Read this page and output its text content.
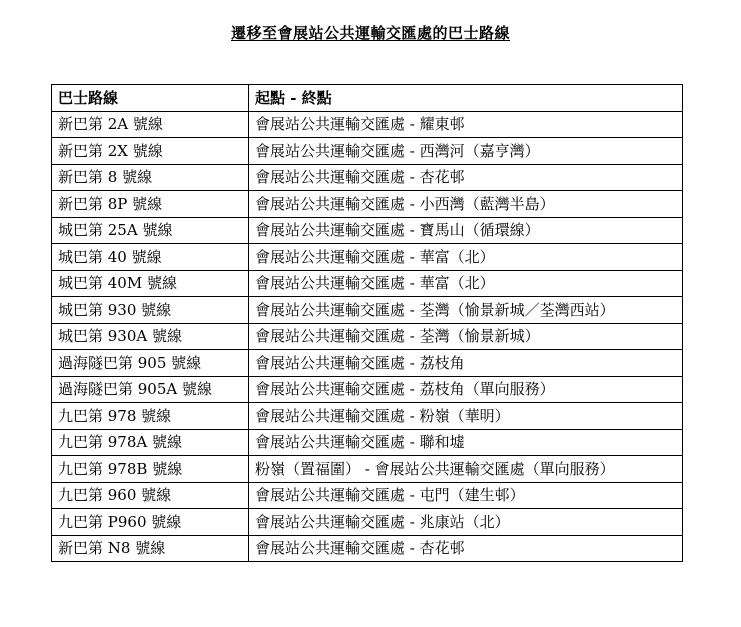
遷移至會展站公共運輸交匯處的巴士路線
巴士路線	起點 - 終點
新巴第 2A 號線	會展站公共運輸交匯處 - 耀東邨
新巴第 2X 號線	會展站公共運輸交匯處 - 西灣河（嘉亨灣）
新巴第 8 號線	會展站公共運輸交匯處 - 杏花邨
新巴第 8P 號線	會展站公共運輸交匯處 - 小西灣（藍灣半島）
城巴第 25A 號線	會展站公共運輸交匯處 - 寶馬山（循環線）
城巴第 40 號線	會展站公共運輸交匯處 - 華富（北）
城巴第 40M 號線	會展站公共運輸交匯處 - 華富（北）
城巴第 930 號線	會展站公共運輸交匯處 - 荃灣（愉景新城／荃灣西站）
城巴第 930A 號線	會展站公共運輸交匯處 - 荃灣（愉景新城）
過海隧巴第 905 號線	會展站公共運輸交匯處 - 荔枝角
過海隧巴第 905A 號線	會展站公共運輸交匯處 - 荔枝角（單向服務）
九巴第 978 號線	會展站公共運輸交匯處 - 粉嶺（華明）
九巴第 978A 號線	會展站公共運輸交匯處 - 聯和墟
九巴第 978B 號線	粉嶺（置福圍） - 會展站公共運輸交匯處（單向服務）
九巴第 960 號線	會展站公共運輸交匯處 - 屯門（建生邨）
九巴第 P960 號線	會展站公共運輸交匯處 - 兆康站（北）
新巴第 N8 號線	會展站公共運輸交匯處 - 杏花邨
